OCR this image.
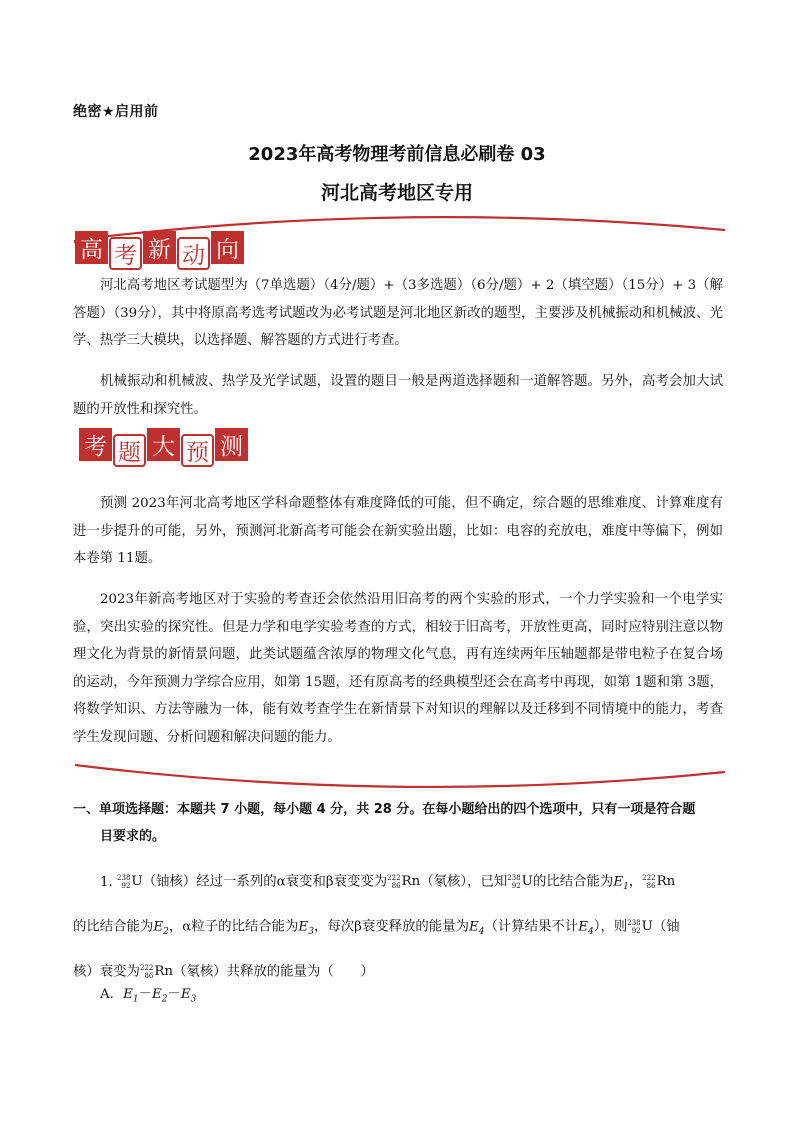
绝密★启用前
2023年高考物理考前信息必刷卷 03
河北高考地区专用
高 考 新 动 向
河北高考地区考试题型为（7单选题）（4分/题）+（3多选题）（6分/题）+ 2（填空题）（15分）+ 3（解答题）（39分），其中将原高考选考试题改为必考试题是河北地区新改的题型，主要涉及机械振动和机械波、光学、热学三大模块，以选择题、解答题的方式进行考查。
机械振动和机械波、热学及光学试题，设置的题目一般是两道选择题和一道解答题。另外，高考会加大试题的开放性和探究性。
考 题 大 预 测
预测 2023年河北高考地区学科命题整体有难度降低的可能，但不确定，综合题的思维难度、计算难度有进一步提升的可能，另外，预测河北新高考可能会在新实验出题，比如：电容的充放电，难度中等偏下，例如本卷第 11题。
2023年新高考地区对于实验的考查还会依然沿用旧高考的两个实验的形式，一个力学实验和一个电学实验，突出实验的探究性。但是力学和电学实验考查的方式，相较于旧高考，开放性更高，同时应特别注意以物理文化为背景的新情景问题，此类试题蕴含浓厚的物理文化气息，再有连续两年压轴题都是带电粒子在复合场的运动，今年预测力学综合应用，如第 15题，还有原高考的经典模型还会在高考中再现，如第 1题和第 3题，将数学知识、方法等融为一体，能有效考查学生在新情景下对知识的理解以及迁移到不同情境中的能力，考查学生发现问题、分析问题和解决问题的能力。
一、单项选择题：本题共 7 小题，每小题 4 分，共 28 分。在每小题给出的四个选项中，只有一项是符合题
目要求的。
1. 238
92 U （铀核）经过一系列的α衰变和β衰变变为 222
86 Rn （氡核），已知 238
92 U 的比结合能为$E_1$， 222
86 Rn

的比结合能为$E_2$，α粒子的比结合能为$E_3$，每次β衰变释放的能量为$E_4$（计算结果不计$E_4$），则 238
92 U （铀
核）衰变为 222
86 Rn （氡核）共释放的能量为（　　）
A．$E_1-E_2-E_3$
